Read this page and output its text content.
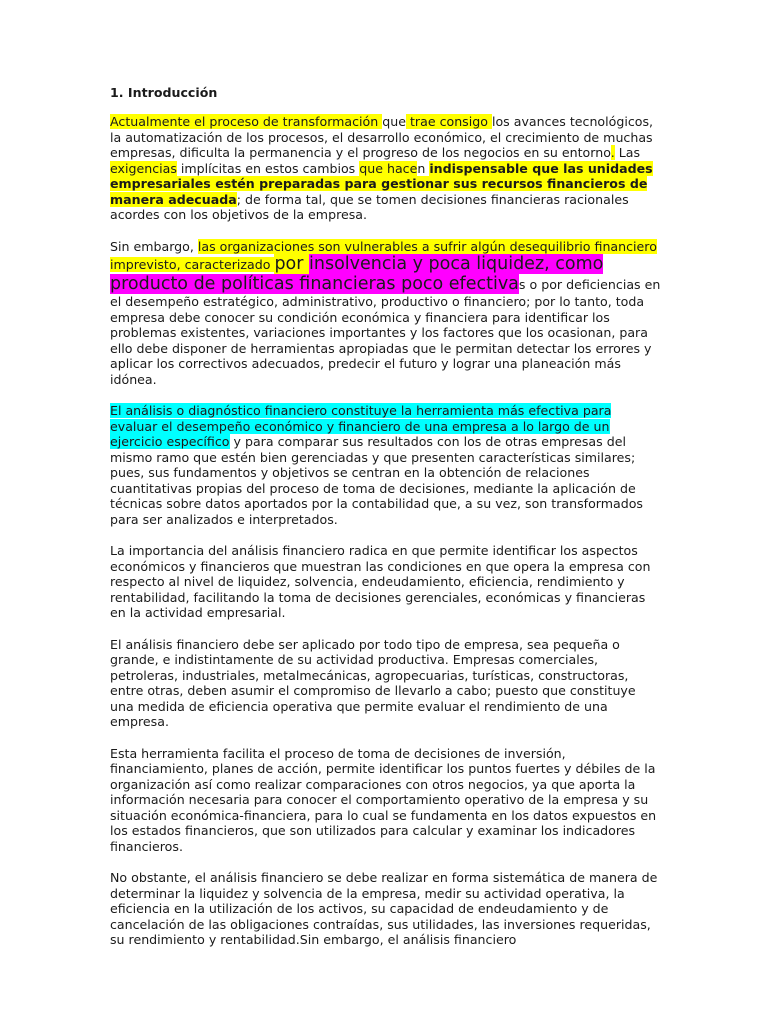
1. Introducción

Actualmente el proceso de transformación que trae consigo los avances tecnológicos, la automatización de los procesos, el desarrollo económico, el crecimiento de muchas empresas, dificulta la permanencia y el progreso de los negocios en su entorno. Las exigencias implícitas en estos cambios que hacen indispensable que las unidades empresariales estén preparadas para gestionar sus recursos financieros de manera adecuada; de forma tal, que se tomen decisiones financieras racionales acordes con los objetivos de la empresa.

Sin embargo, las organizaciones son vulnerables a sufrir algún desequilibrio financiero imprevisto, caracterizado por insolvencia y poca liquidez, como producto de políticas financieras poco efectivas o por deficiencias en el desempeño estratégico, administrativo, productivo o financiero; por lo tanto, toda empresa debe conocer su condición económica y financiera para identificar los problemas existentes, variaciones importantes y los factores que los ocasionan, para ello debe disponer de herramientas apropiadas que le permitan detectar los errores y aplicar los correctivos adecuados, predecir el futuro y lograr una planeación más idónea.

El análisis o diagnóstico financiero constituye la herramienta más efectiva para evaluar el desempeño económico y financiero de una empresa a lo largo de un ejercicio específico y para comparar sus resultados con los de otras empresas del mismo ramo que estén bien gerenciadas y que presenten características similares; pues, sus fundamentos y objetivos se centran en la obtención de relaciones cuantitativas propias del proceso de toma de decisiones, mediante la aplicación de técnicas sobre datos aportados por la contabilidad que, a su vez, son transformados para ser analizados e interpretados.

La importancia del análisis financiero radica en que permite identificar los aspectos económicos y financieros que muestran las condiciones en que opera la empresa con respecto al nivel de liquidez, solvencia, endeudamiento, eficiencia, rendimiento y rentabilidad, facilitando la toma de decisiones gerenciales, económicas y financieras en la actividad empresarial.

El análisis financiero debe ser aplicado por todo tipo de empresa, sea pequeña o grande, e indistintamente de su actividad productiva. Empresas comerciales, petroleras, industriales, metalmecánicas, agropecuarias, turísticas, constructoras, entre otras, deben asumir el compromiso de llevarlo a cabo; puesto que constituye una medida de eficiencia operativa que permite evaluar el rendimiento de una empresa.

Esta herramienta facilita el proceso de toma de decisiones de inversión, financiamiento, planes de acción, permite identificar los puntos fuertes y débiles de la organización así como realizar comparaciones con otros negocios, ya que aporta la información necesaria para conocer el comportamiento operativo de la empresa y su situación económica-financiera, para lo cual se fundamenta en los datos expuestos en los estados financieros, que son utilizados para calcular y examinar los indicadores financieros.

No obstante, el análisis financiero se debe realizar en forma sistemática de manera de determinar la liquidez y solvencia de la empresa, medir su actividad operativa, la eficiencia en la utilización de los activos, su capacidad de endeudamiento y de cancelación de las obligaciones contraídas, sus utilidades, las inversiones requeridas, su rendimiento y rentabilidad.Sin embargo, el análisis financiero
